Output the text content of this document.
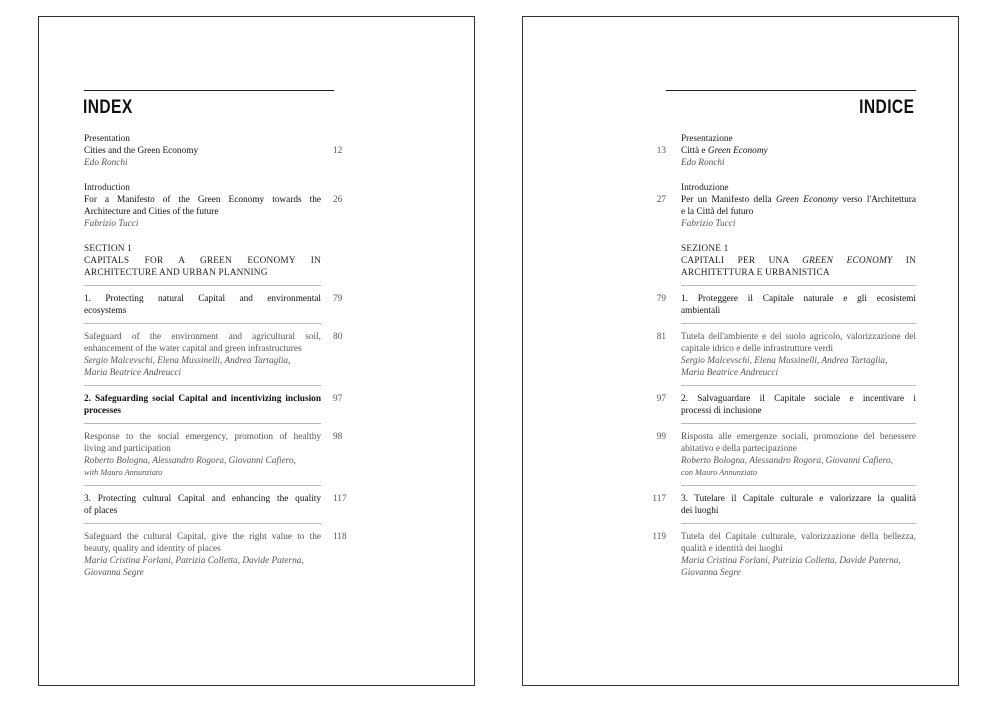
INDEX
Presentation
Cities and the Green Economy
Edo Ronchi
12
Introduction
For a Manifesto of the Green Economy towards the
Architecture and Cities of the future
Fabrizio Tucci
26
SECTION 1
CAPITALS FOR A GREEN ECONOMY IN
ARCHITECTURE AND URBAN PLANNING
1. Protecting natural Capital and environmental
ecosystems
79
Safeguard of the environment and agricultural soil,
enhancement of the water capital and green infrastructures
Sergio Malcevschi, Elena Mussinelli, Andrea Tartaglia,
Maria Beatrice Andreucci
80
2. Safeguarding social Capital and incentivizing inclusion
processes
97
Response to the social emergency, promotion of healthy
living and participation
Roberto Bologna, Alessandro Rogora, Giovanni Cafiero,
with Mauro Annunziato
98
3. Protecting cultural Capital and enhancing the quality
of places
117
Safeguard the cultural Capital, give the right value to the
beauty, quality and identity of places
Maria Cristina Forlani, Patrizia Colletta, Davide Paterna,
Giovanna Segre
118
INDICE
Presentazione
Città e Green Economy
Edo Ronchi
13
Introduzione
Per un Manifesto della Green Economy verso l'Architettura
e la Città del futuro
Fabrizio Tucci
27
SEZIONE 1
CAPITALI PER UNA GREEN ECONOMY IN
ARCHITETTURA E URBANISTICA
1. Proteggere il Capitale naturale e gli ecosistemi
ambientali
79
Tutela dell'ambiente e del suolo agricolo, valorizzazione del
capitale idrico e delle infrastrutture verdi
Sergio Malcevschi, Elena Mussinelli, Andrea Tartaglia,
Maria Beatrice Andreucci
81
2. Salvaguardare il Capitale sociale e incentivare i
processi di inclusione
97
Risposta alle emergenze sociali, promozione del benessere
abitativo e della partecipazione
Roberto Bologna, Alessandro Rogora, Giovanni Cafiero,
con Mauro Annunziato
99
3. Tutelare il Capitale culturale e valorizzare la qualità
dei luoghi
117
Tutela del Capitale culturale, valorizzazione della bellezza,
qualità e identità dei luoghi
Maria Cristina Forlani, Patrizia Colletta, Davide Paterna,
Giovanna Segre
119
